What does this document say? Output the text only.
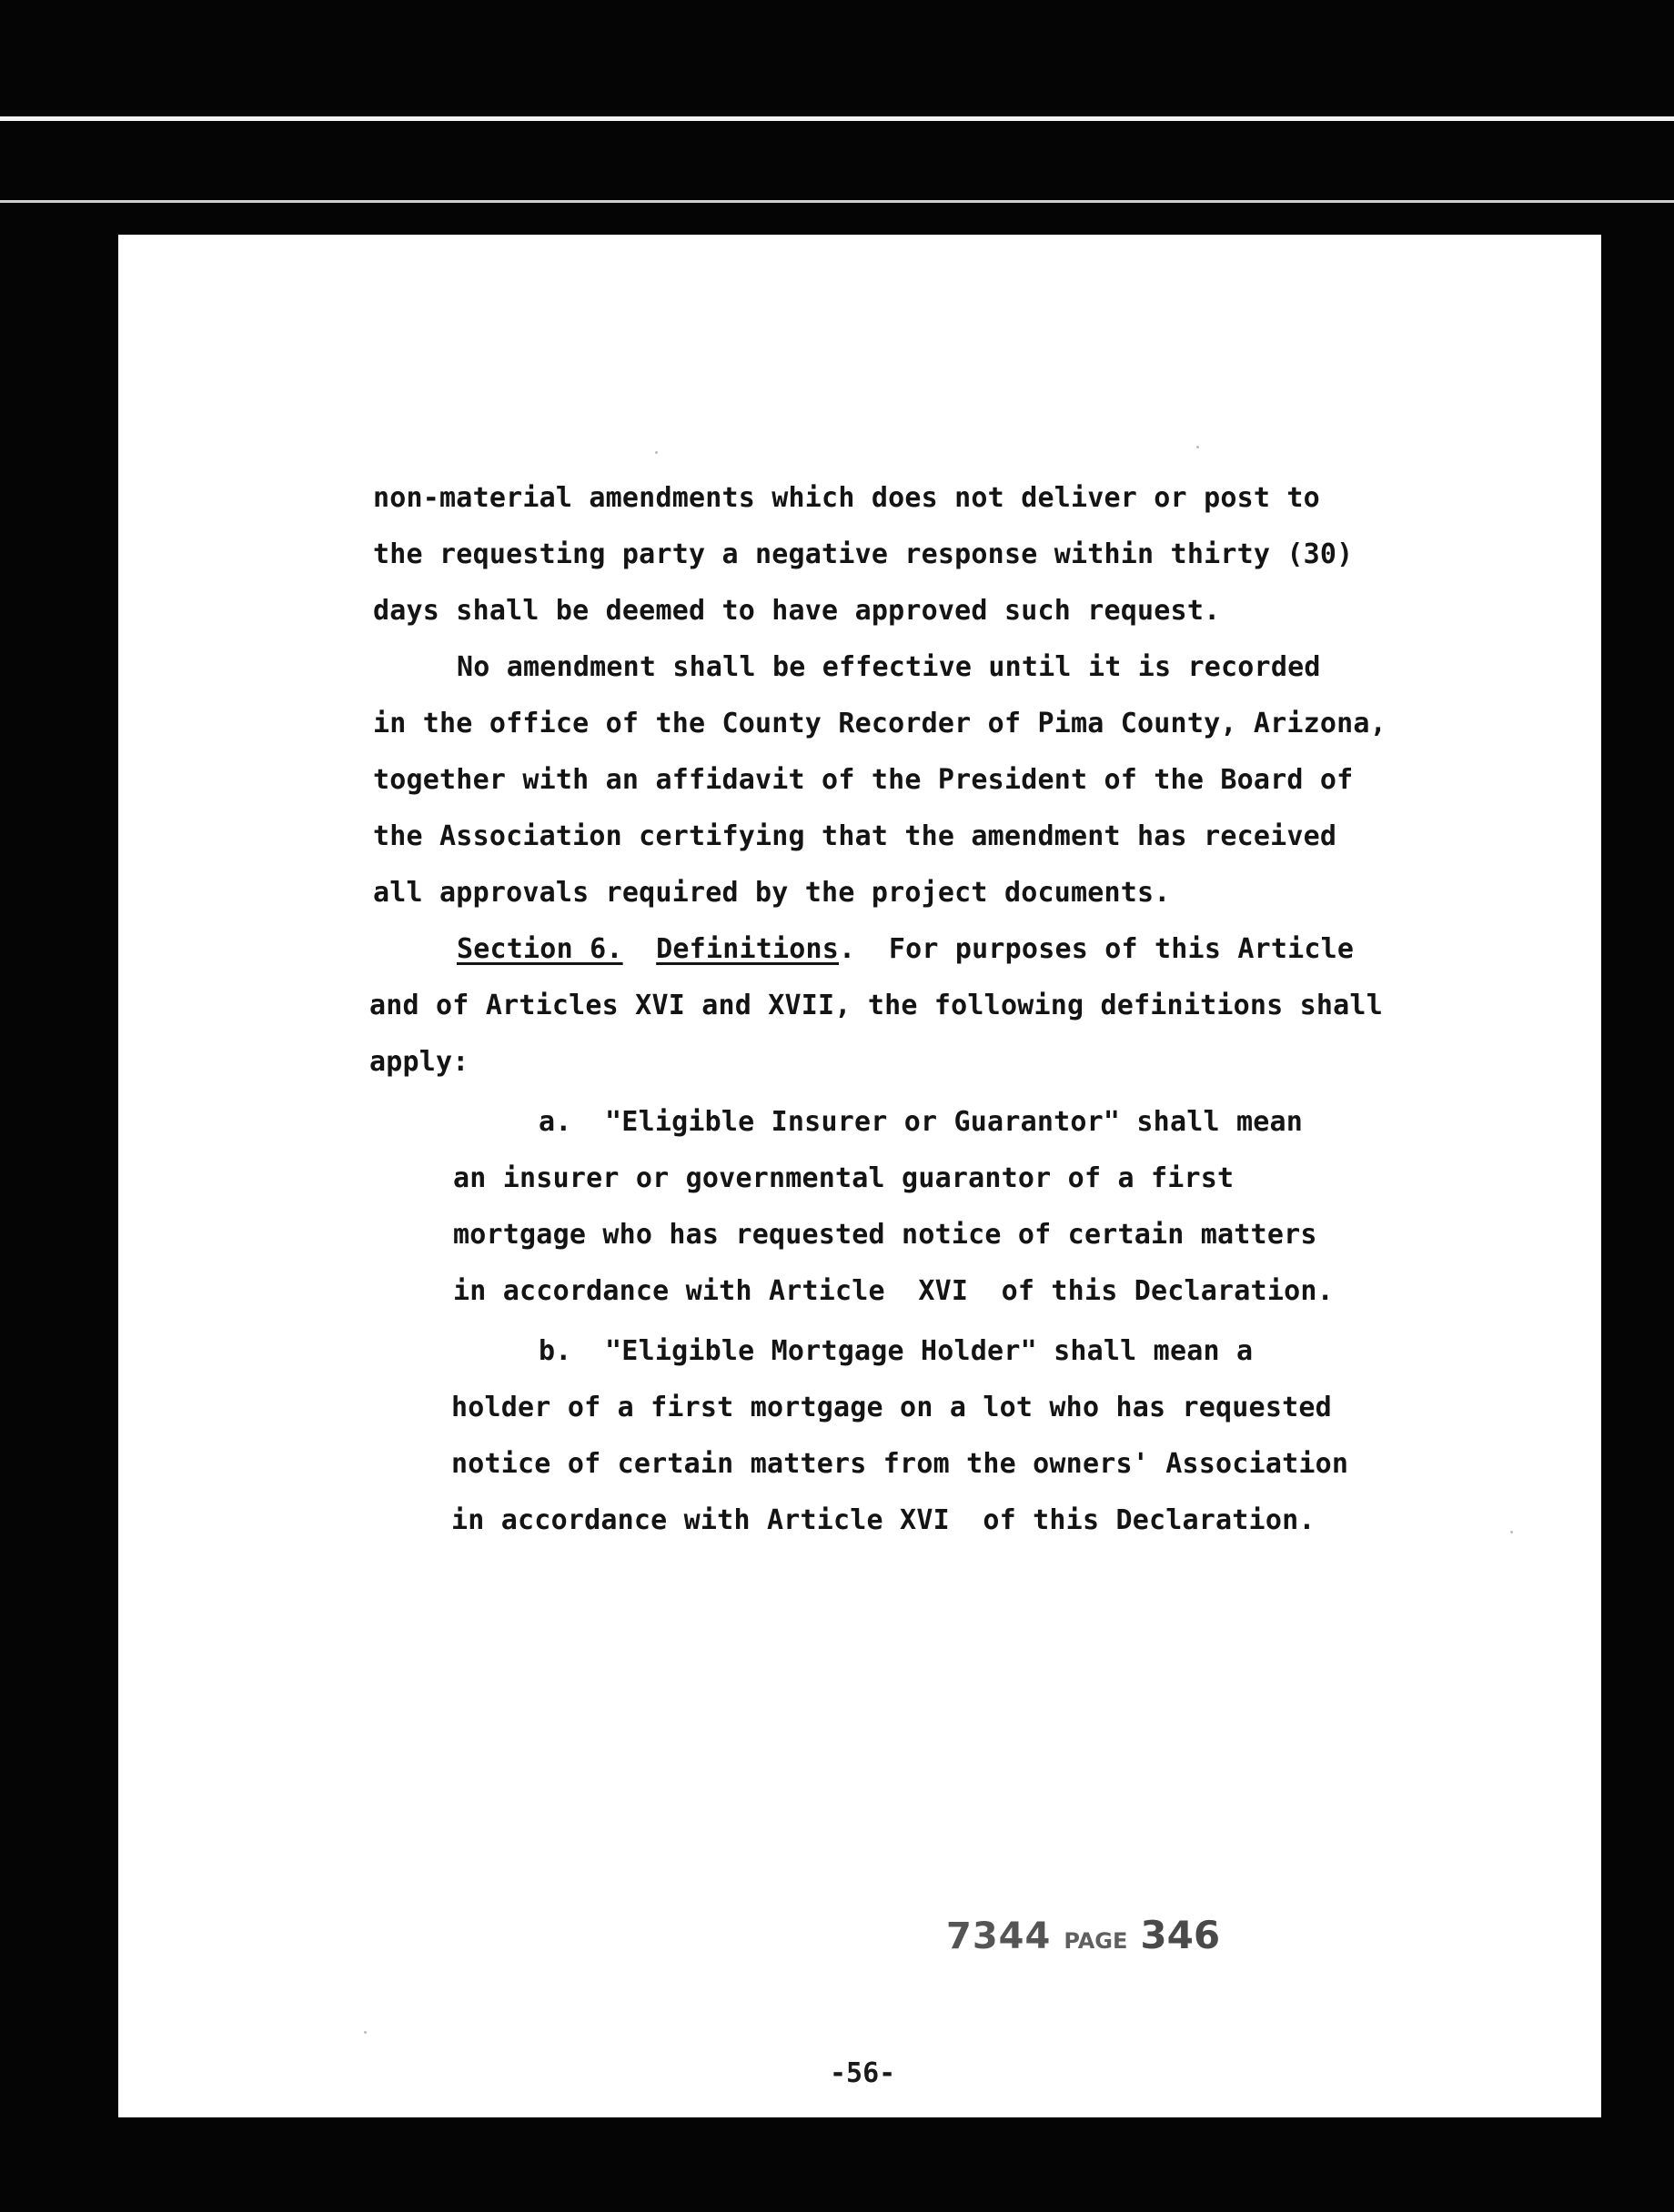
non-material amendments which does not deliver or post to

the requesting party a negative response within thirty (30)

days shall be deemed to have approved such request.

No amendment shall be effective until it is recorded

in the office of the County Recorder of Pima County, Arizona,

together with an affidavit of the President of the Board of

the Association certifying that the amendment has received

all approvals required by the project documents.

Section 6. Definitions. For purposes of this Article

and of Articles XVI and XVII, the following definitions shall

apply:

a.  "Eligible Insurer or Guarantor" shall mean

an insurer or governmental guarantor of a first

mortgage who has requested notice of certain matters

in accordance with Article  XVI  of this Declaration.

b.  "Eligible Mortgage Holder" shall mean a

holder of a first mortgage on a lot who has requested

notice of certain matters from the owners' Association

in accordance with Article XVI  of this Declaration.

7344 PAGE 346
-56-
